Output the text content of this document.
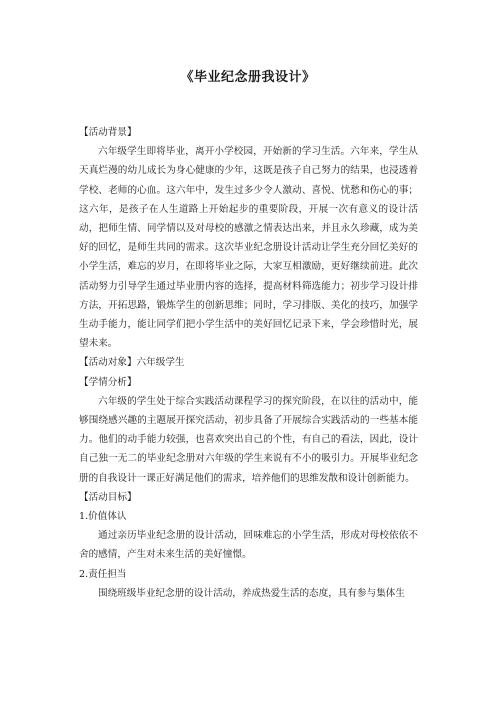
《毕业纪念册我设计》

【活动背景】

六年级学生即将毕业，离开小学校园，开始新的学习生活。六年来，学生从天真烂漫的幼儿成长为身心健康的少年，这既是孩子自己努力的结果，也浸透着学校、老师的心血。这六年中，发生过多少令人激动、喜悦、忧愁和伤心的事；这六年，是孩子在人生道路上开始起步的重要阶段，开展一次有意义的设计活动，把师生情、同学情以及对母校的感激之情表达出来，并且永久珍藏，成为美好的回忆，是师生共同的需求。这次毕业纪念册设计活动让学生充分回忆美好的小学生活，难忘的岁月，在即将毕业之际，大家互相激励，更好继续前进。此次活动努力引导学生通过毕业册内容的选择，提高材料筛选能力；初步学习设计排方法，开拓思路，锻炼学生的创新思维；同时，学习排版、美化的技巧，加强学生动手能力，能让同学们把小学生活中的美好回忆记录下来，学会珍惜时光，展望未来。

【活动对象】六年级学生

【学情分析】

六年级的学生处于综合实践活动课程学习的探究阶段，在以往的活动中，能够围绕感兴趣的主题展开探究活动，初步具备了开展综合实践活动的一些基本能力。他们的动手能力较强，也喜欢突出自己的个性，有自己的看法，因此，设计自己独一无二的毕业纪念册对六年级的学生来说有不小的吸引力。开展毕业纪念册的自我设计一课正好满足他们的需求，培养他们的思维发散和设计创新能力。

【活动目标】

1.价值体认

通过亲历毕业纪念册的设计活动，回味难忘的小学生活，形成对母校依依不舍的感情，产生对未来生活的美好憧憬。

2.责任担当

围绕班级毕业纪念册的设计活动，养成热爱生活的态度，具有参与集体生
